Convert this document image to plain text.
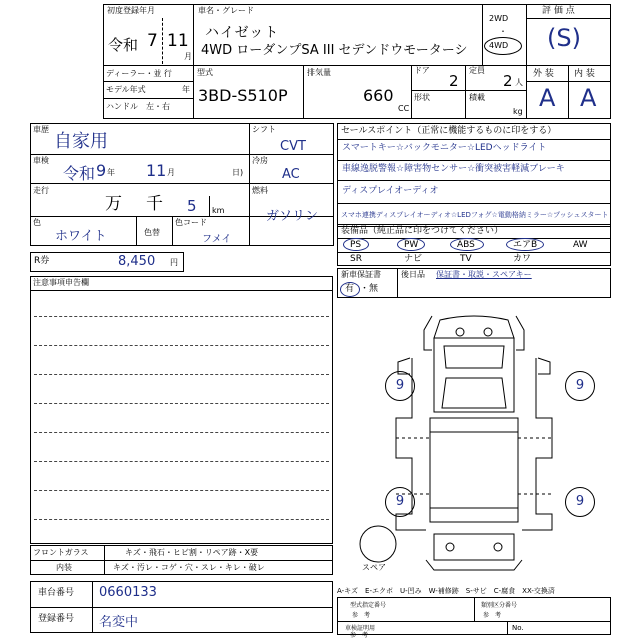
初度登録年月
令和 7 11
月
車名・グレード
ハイゼット
4WD ローダンプSA III セデンドウモーターシ
2WD
・
4WD
評 価 点
(S)
ディーラー・並 行
モデル年式	年
ハンドル　左・右
型式
3BD-S510P
排気量
660
CC
ドア
2
定員
2 人
形状	積載
kg
外 装 内 装
A A
車歴
自家用
車検
令和 9 年 11 月	日)
走行
万 千 5 km
色
ホワイト	色替
色コード
フメイ
シフト
CVT
冷房
AC
燃料
ガソリン
R券	8,450 円
セールスポイント（正常に機能するものに印をする）
スマートキー☆バックモニター☆LEDヘッドライト
車線逸脱警報☆障害物センサー☆衝突被害軽減ブレーキ
ディスプレイオーディオ
スマホ連携ディスプレイオーディオ☆LEDフォグ☆電動格納ミラー☆プッシュスタート
装備品（純正品に印をつけてください）
PS	PW	ABS	エアB	AW
SR	ナビ	TV	カワ
新車保証書
有 ・無
後日品 保証書・取説・スペアキー
注意事項申告欄
9	9
9	9
スペア
A-キズ　E-エクボ　U-凹み　W-補修跡　S-サビ　C-腐食　XX-交換済
フロントガラス	キズ・飛石・ヒビ割・リペア跡・X要
内装	キズ・汚レ・コゲ・穴・スレ・キレ・破レ
車台番号 0660133
登録番号 名変中
型式指定番号
参　考
類別区分番号
参　考
車検証明用
参　考
No.
